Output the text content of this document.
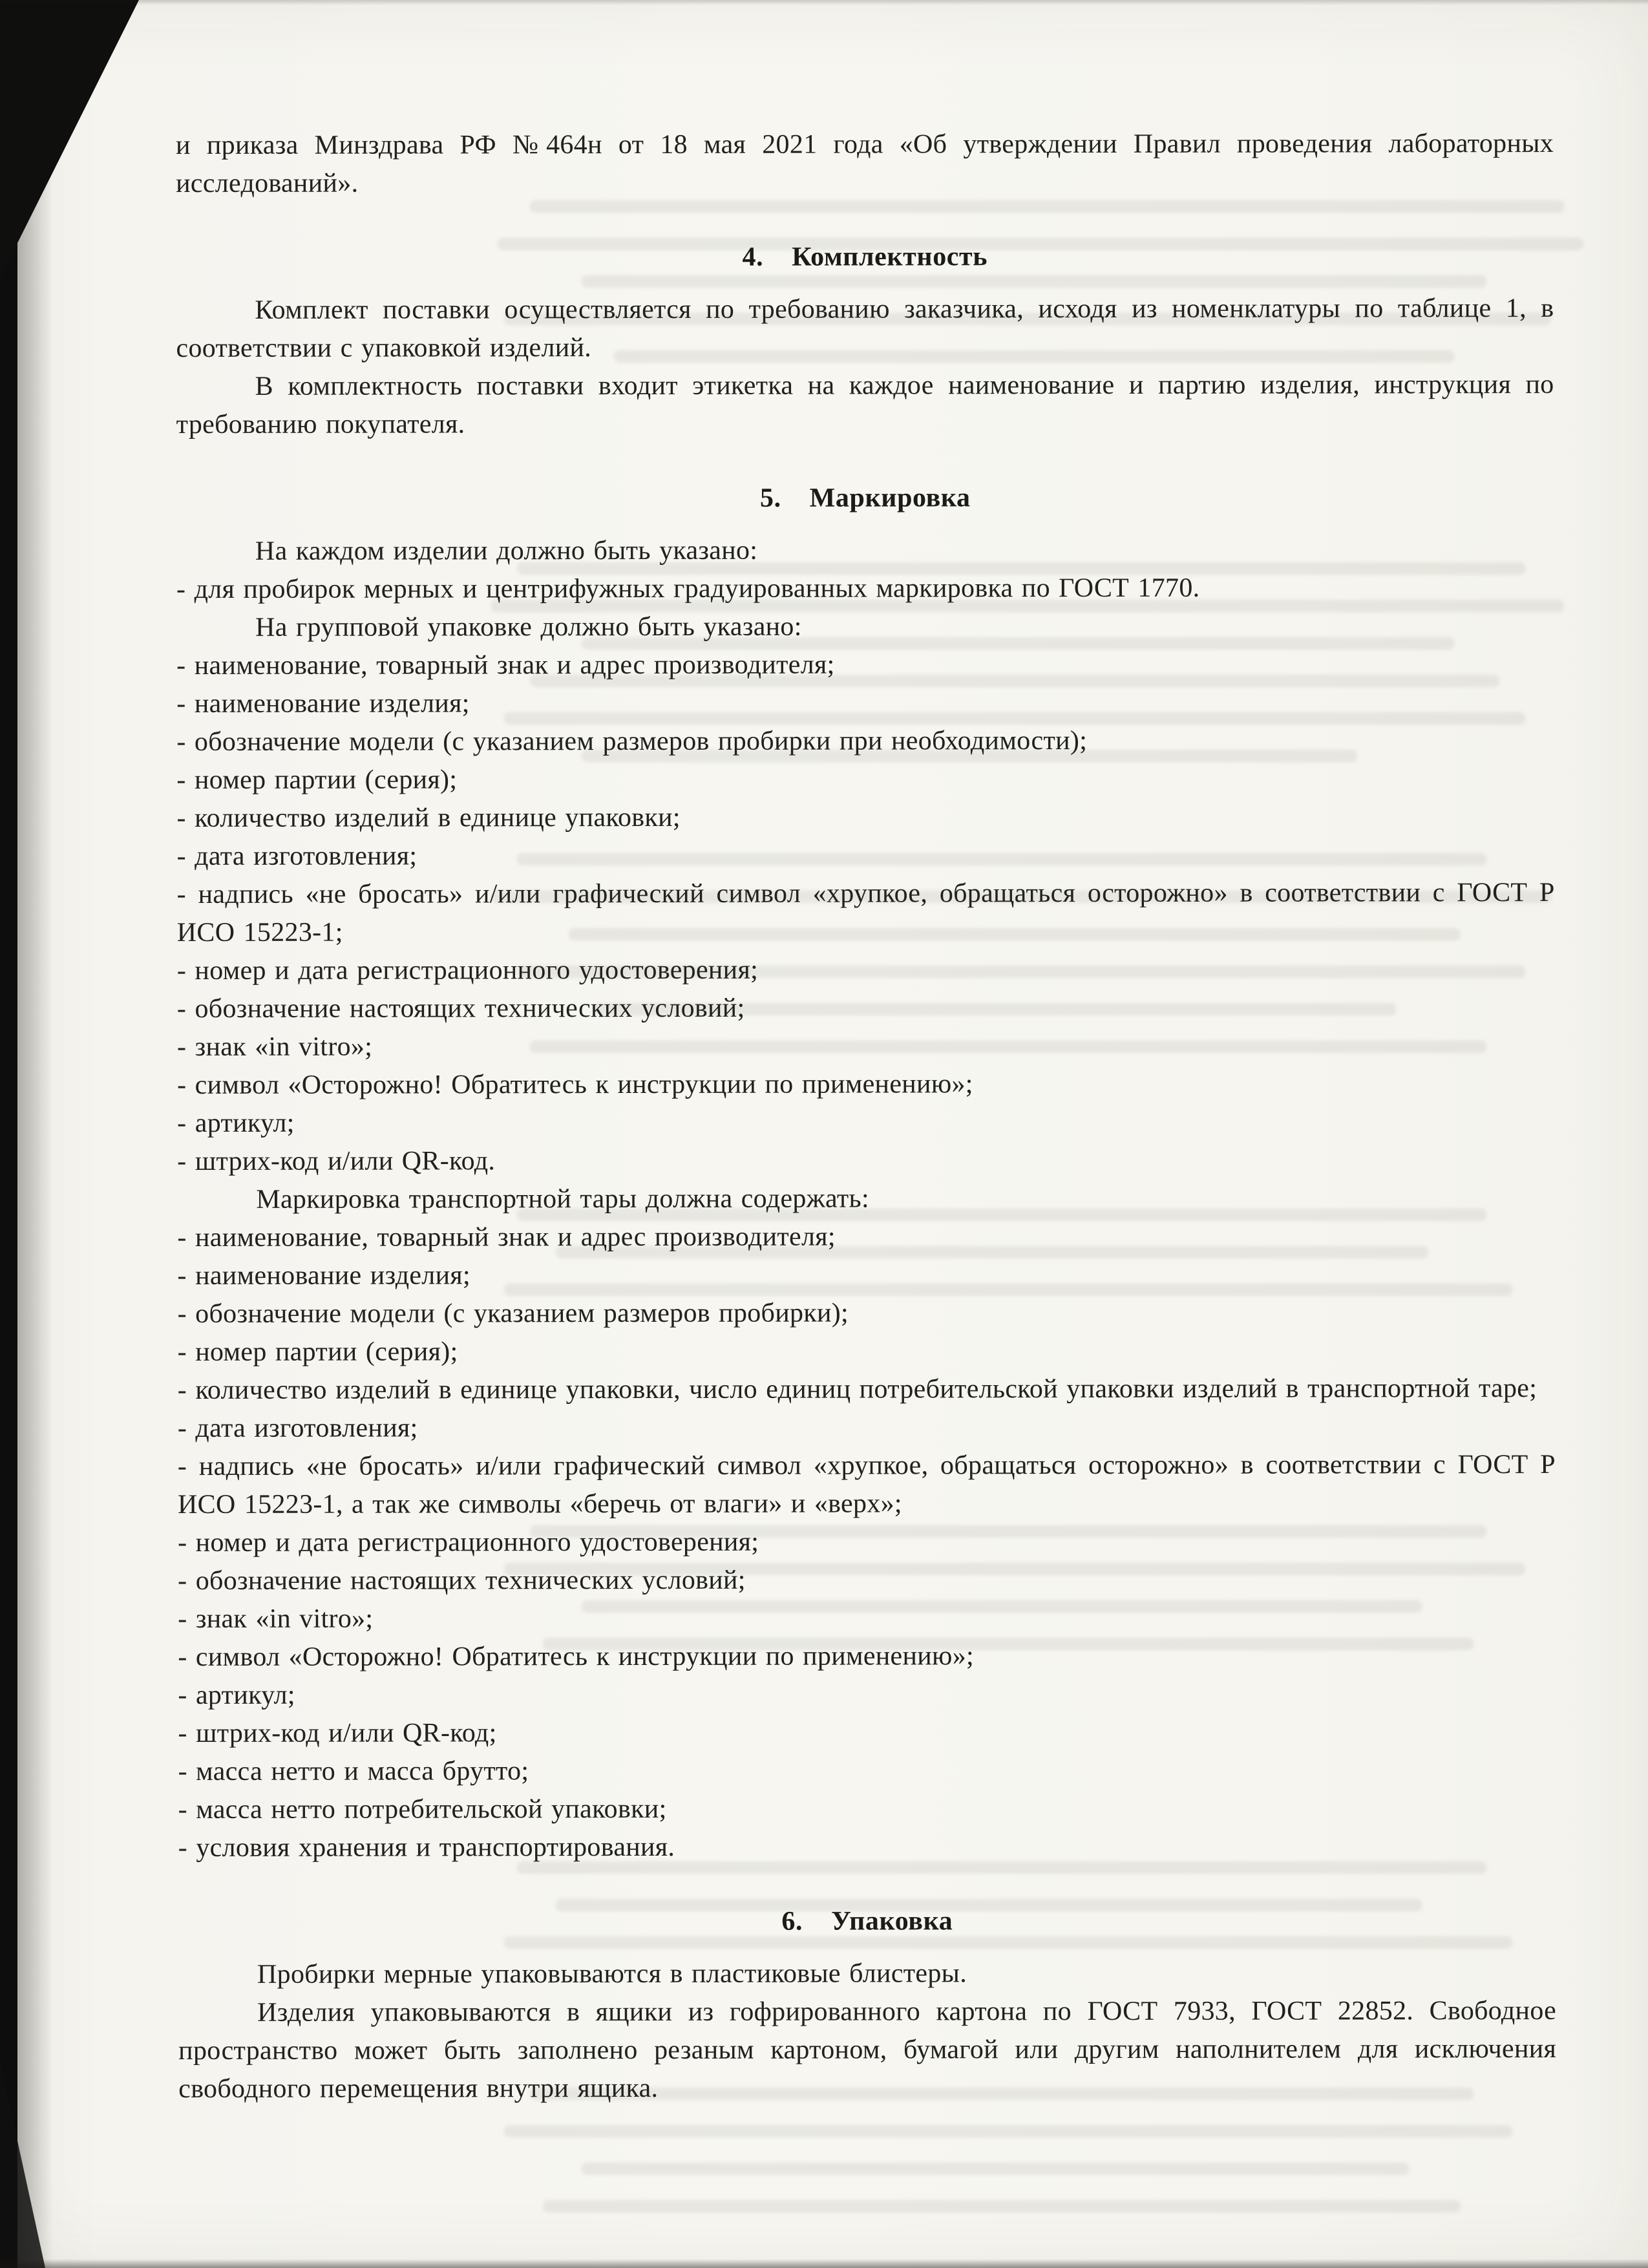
и приказа Минздрава РФ №464н от 18 мая 2021 года «Об утверждении Правил проведения лабораторных исследований».

4. Комплектность

Комплект поставки осуществляется по требованию заказчика, исходя из номенклатуры по таблице 1, в соответствии с упаковкой изделий.

В комплектность поставки входит этикетка на каждое наименование и партию изделия, инструкция по требованию покупателя.

5. Маркировка

На каждом изделии должно быть указано:

- для пробирок мерных и центрифужных градуированных маркировка по ГОСТ 1770.

На групповой упаковке должно быть указано:

- наименование, товарный знак и адрес производителя;

- наименование изделия;

- обозначение модели (с указанием размеров пробирки при необходимости);

- номер партии (серия);

- количество изделий в единице упаковки;

- дата изготовления;

- надпись «не бросать» и/или графический символ «хрупкое, обращаться осторожно» в соответствии с ГОСТ Р ИСО 15223-1;

- номер и дата регистрационного удостоверения;

- обозначение настоящих технических условий;

- знак «in vitro»;

- символ «Осторожно! Обратитесь к инструкции по применению»;

- артикул;

- штрих-код и/или QR-код.

Маркировка транспортной тары должна содержать:

- наименование, товарный знак и адрес производителя;

- наименование изделия;

- обозначение модели (с указанием размеров пробирки);

- номер партии (серия);

- количество изделий в единице упаковки, число единиц потребительской упаковки изделий в транспортной таре;

- дата изготовления;

- надпись «не бросать» и/или графический символ «хрупкое, обращаться осторожно» в соответствии с ГОСТ Р ИСО 15223-1, а так же символы «беречь от влаги» и «верх»;

- номер и дата регистрационного удостоверения;

- обозначение настоящих технических условий;

- знак «in vitro»;

- символ «Осторожно! Обратитесь к инструкции по применению»;

- артикул;

- штрих-код и/или QR-код;

- масса нетто и масса брутто;

- масса нетто потребительской упаковки;

- условия хранения и транспортирования.

6. Упаковка

Пробирки мерные упаковываются в пластиковые блистеры.

Изделия упаковываются в ящики из гофрированного картона по ГОСТ 7933, ГОСТ 22852. Свободное пространство может быть заполнено резаным картоном, бумагой или другим наполнителем для исключения свободного перемещения внутри ящика.
